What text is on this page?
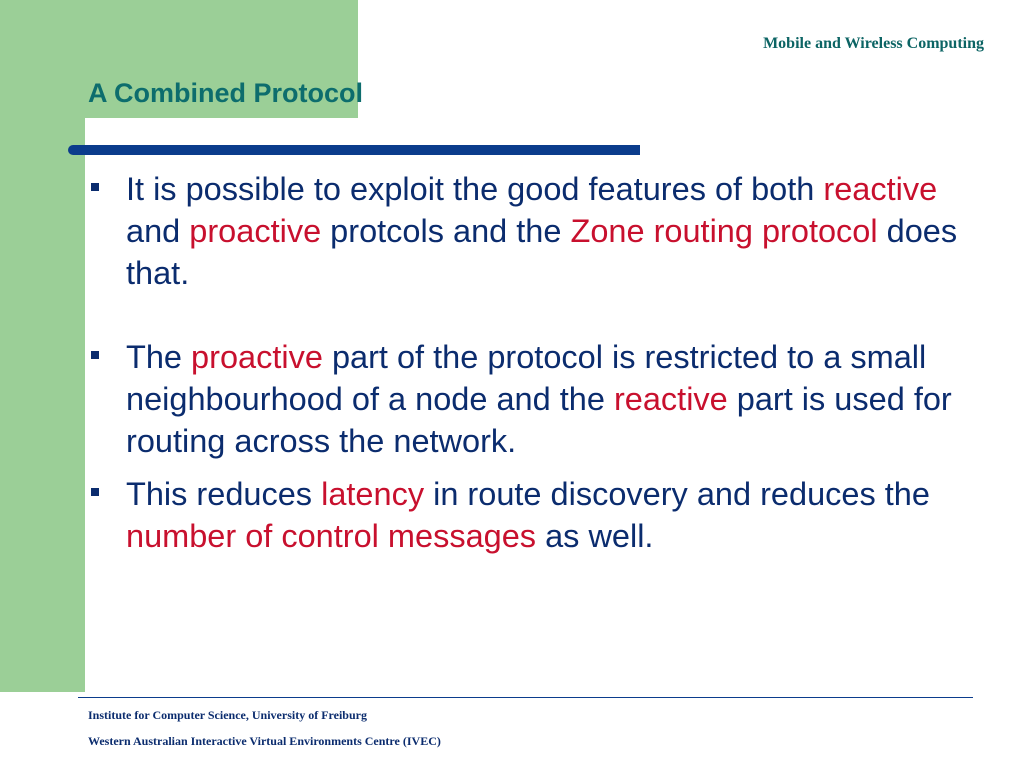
Mobile and Wireless Computing
A Combined Protocol
It is possible to exploit the good features of both reactive and proactive protcols and the Zone routing protocol does that.
The proactive part of the protocol is restricted to a small neighbourhood of a node and the reactive part is used for routing across the network.
This reduces latency in route discovery and reduces the number of control messages as well.
Institute for Computer Science, University of Freiburg
Western Australian Interactive Virtual Environments Centre (IVEC)
